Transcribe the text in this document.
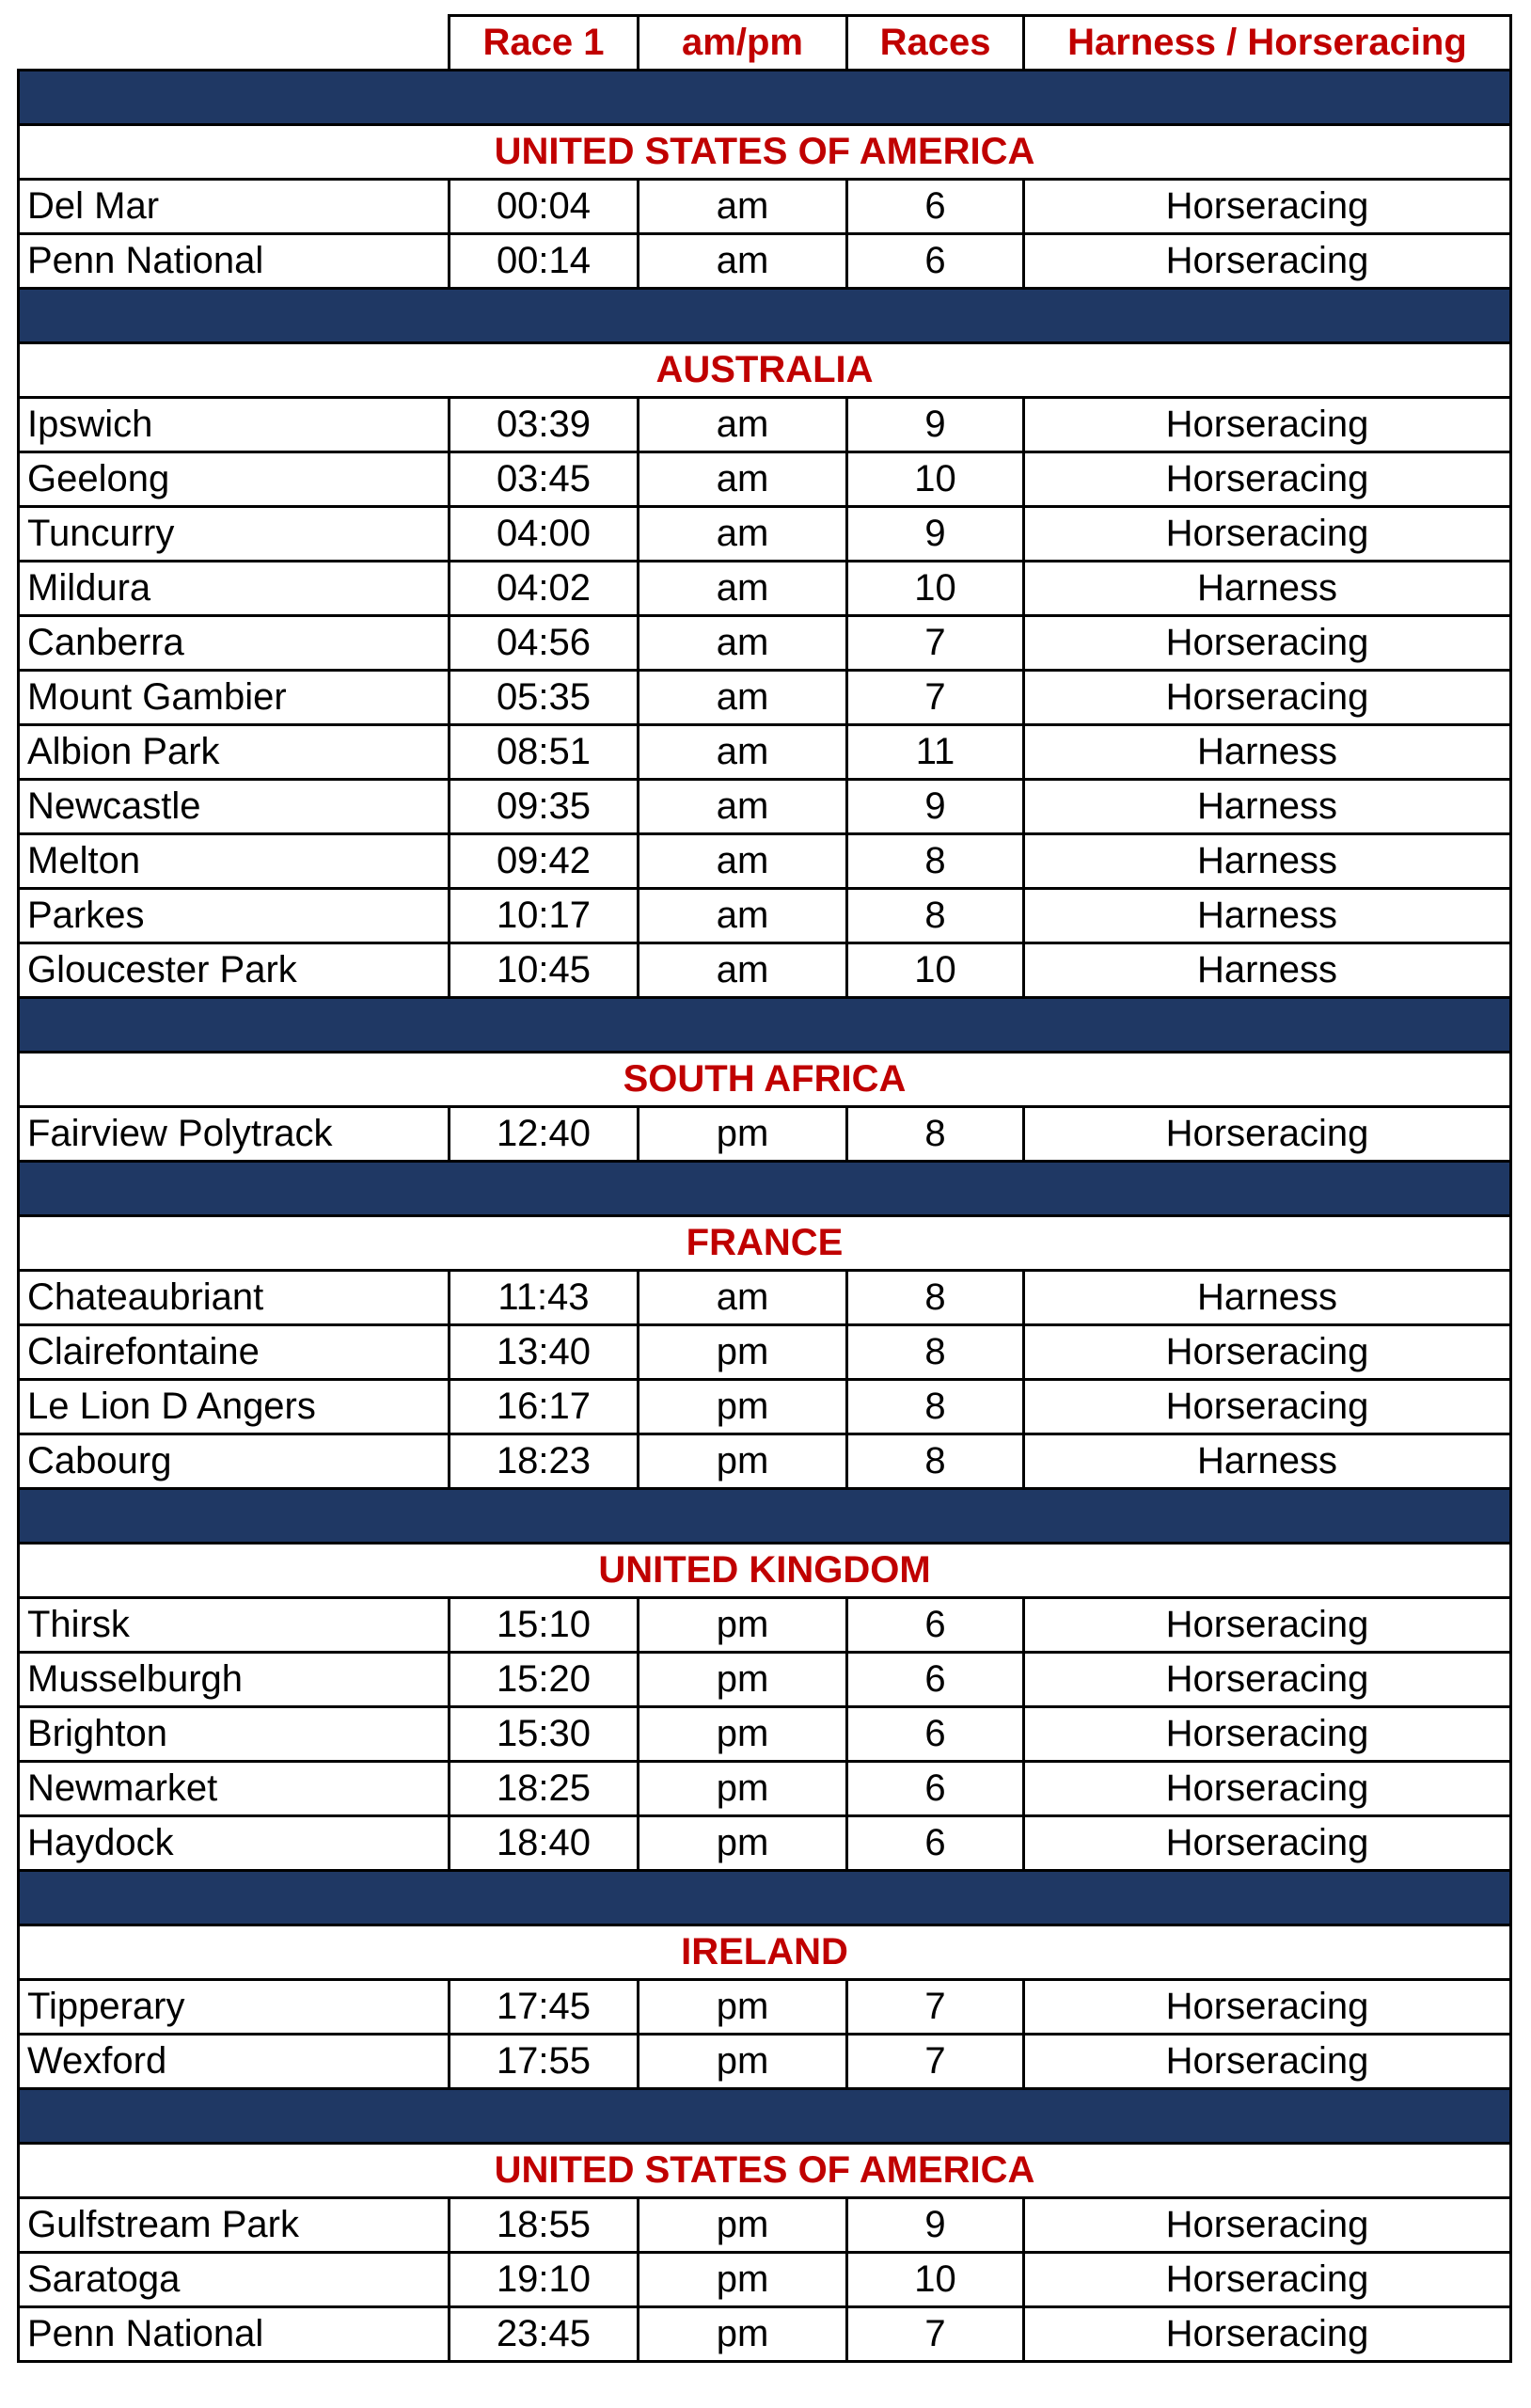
Race 1	am/pm	Races	Harness / Horseracing
UNITED STATES OF AMERICA
Del Mar	00:04	am	6	Horseracing
Penn National	00:14	am	6	Horseracing
AUSTRALIA
Ipswich	03:39	am	9	Horseracing
Geelong	03:45	am	10	Horseracing
Tuncurry	04:00	am	9	Horseracing
Mildura	04:02	am	10	Harness
Canberra	04:56	am	7	Horseracing
Mount Gambier	05:35	am	7	Horseracing
Albion Park	08:51	am	11	Harness
Newcastle	09:35	am	9	Harness
Melton	09:42	am	8	Harness
Parkes	10:17	am	8	Harness
Gloucester Park	10:45	am	10	Harness
SOUTH AFRICA
Fairview Polytrack	12:40	pm	8	Horseracing
FRANCE
Chateaubriant	11:43	am	8	Harness
Clairefontaine	13:40	pm	8	Horseracing
Le Lion D Angers	16:17	pm	8	Horseracing
Cabourg	18:23	pm	8	Harness
UNITED KINGDOM
Thirsk	15:10	pm	6	Horseracing
Musselburgh	15:20	pm	6	Horseracing
Brighton	15:30	pm	6	Horseracing
Newmarket	18:25	pm	6	Horseracing
Haydock	18:40	pm	6	Horseracing
IRELAND
Tipperary	17:45	pm	7	Horseracing
Wexford	17:55	pm	7	Horseracing
UNITED STATES OF AMERICA
Gulfstream Park	18:55	pm	9	Horseracing
Saratoga	19:10	pm	10	Horseracing
Penn National	23:45	pm	7	Horseracing
